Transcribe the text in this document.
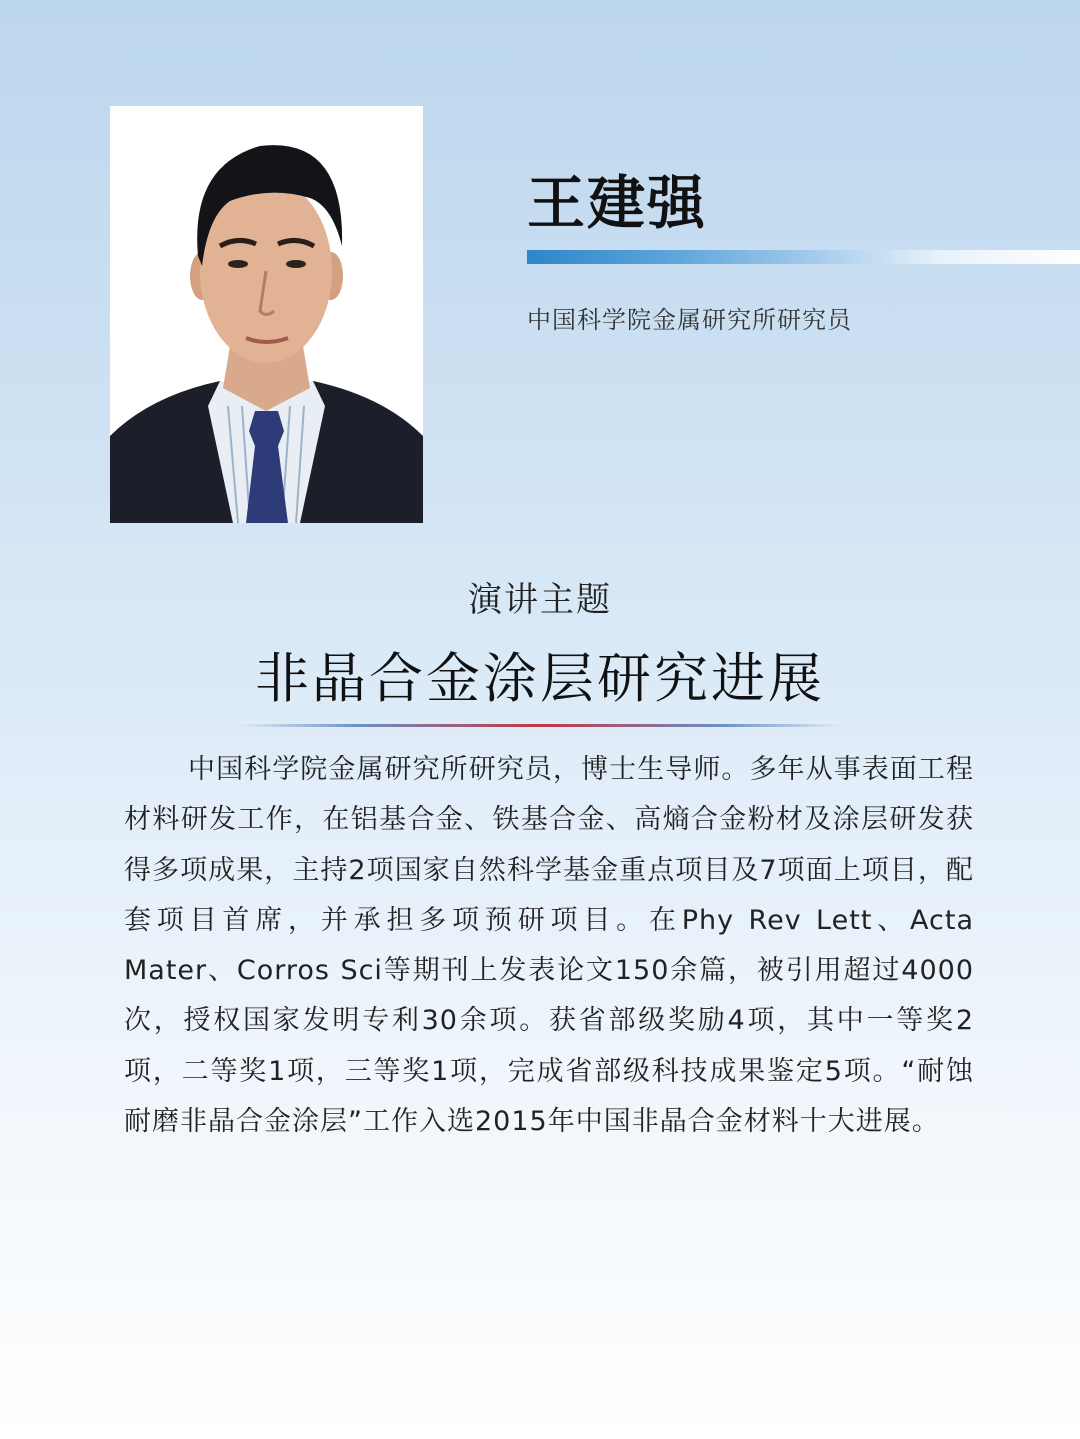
王建强
中国科学院金属研究所研究员
演讲主题
非晶合金涂层研究进展

中国科学院金属研究所研究员，博士生导师。多年从事表面工程材料研发工作，在铝基合金、铁基合金、高熵合金粉材及涂层研发获得多项成果，主持2项国家自然科学基金重点项目及7项面上项目，配套项目首席，并承担多项预研项目。在Phy Rev Lett、Acta Mater、Corros Sci等期刊上发表论文150余篇，被引用超过4000次，授权国家发明专利30余项。获省部级奖励4项，其中一等奖2项，二等奖1项，三等奖1项，完成省部级科技成果鉴定5项。“耐蚀耐磨非晶合金涂层”工作入选2015年中国非晶合金材料十大进展。
